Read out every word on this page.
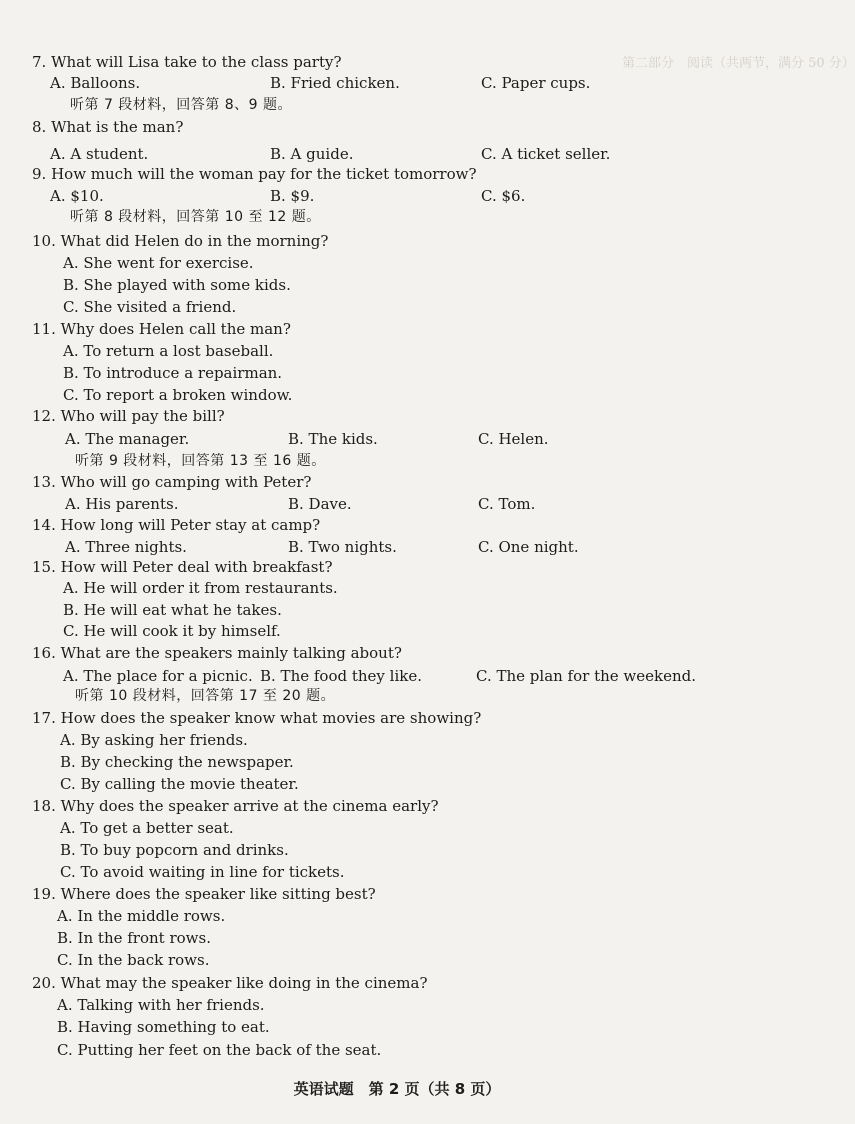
第二部分　阅读（共两节，满分 50 分）
7. What will Lisa take to the class party?
A. Balloons.	B. Fried chicken.	C. Paper cups.
听第 7 段材料，回答第 8、9 题。
8. What is the man?
A. A student.	B. A guide.	C. A ticket seller.
9. How much will the woman pay for the ticket tomorrow?
A. $10.	B. $9.	C. $6.
听第 8 段材料，回答第 10 至 12 题。
10. What did Helen do in the morning?
A. She went for exercise.
B. She played with some kids.
C. She visited a friend.
11. Why does Helen call the man?
A. To return a lost baseball.
B. To introduce a repairman.
C. To report a broken window.
12. Who will pay the bill?
A. The manager.	B. The kids.	C. Helen.
听第 9 段材料，回答第 13 至 16 题。
13. Who will go camping with Peter?
A. His parents.	B. Dave.	C. Tom.
14. How long will Peter stay at camp?
A. Three nights.	B. Two nights.	C. One night.
15. How will Peter deal with breakfast?
A. He will order it from restaurants.
B. He will eat what he takes.
C. He will cook it by himself.
16. What are the speakers mainly talking about?
A. The place for a picnic. B. The food they like.	C. The plan for the weekend.
听第 10 段材料，回答第 17 至 20 题。
17. How does the speaker know what movies are showing?
A. By asking her friends.
B. By checking the newspaper.
C. By calling the movie theater.
18. Why does the speaker arrive at the cinema early?
A. To get a better seat.
B. To buy popcorn and drinks.
C. To avoid waiting in line for tickets.
19. Where does the speaker like sitting best?
A. In the middle rows.
B. In the front rows.
C. In the back rows.
20. What may the speaker like doing in the cinema?
A. Talking with her friends.
B. Having something to eat.
C. Putting her feet on the back of the seat.
英语试题　第 2 页（共 8 页）
